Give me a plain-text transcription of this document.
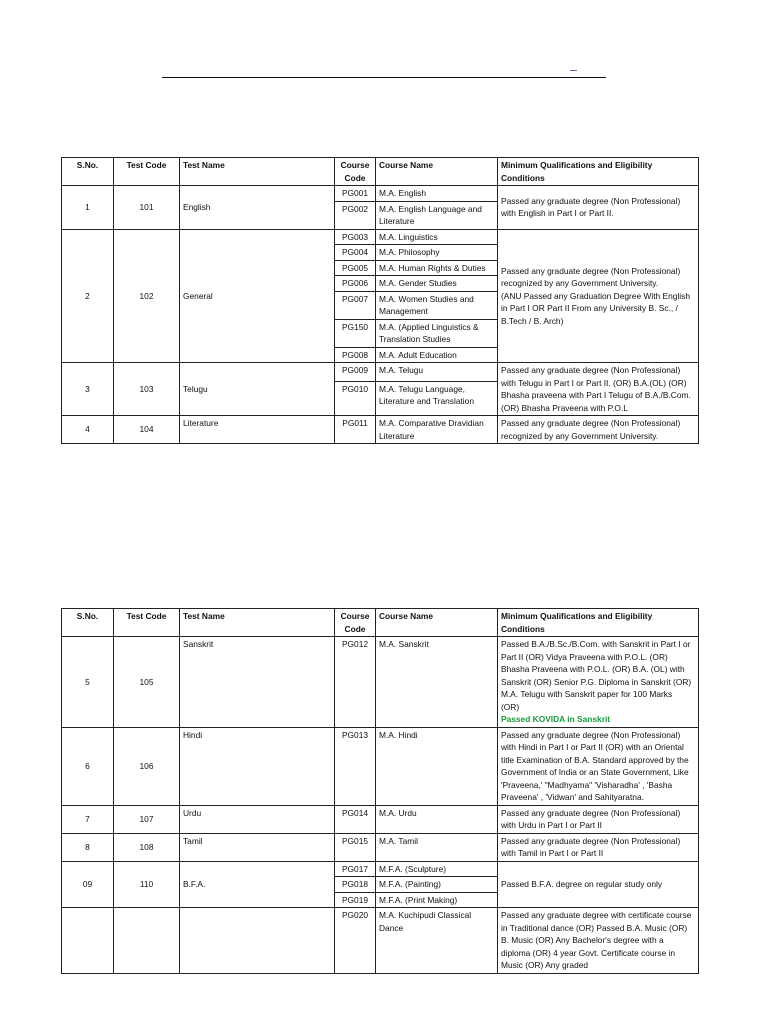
S.No.	Test Code	Test Name	Course Code	Course Name	Minimum Qualifications and Eligibility Conditions
1	101	English	PG001	M.A. English	Passed any graduate degree (Non Professional) with English in Part I or Part II.
			PG002	M.A. English Language and Literature	
2	102	General	PG003	M.A. Linguistics	Passed any graduate degree (Non Professional) recognized by any Government University.
(ANU Passed any Graduation Degree With English in Part I OR Part II From any University B. Sc., / B.Tech / B. Arch)
			PG004	M.A. Philosophy	
			PG005	M.A. Human Rights & Duties	
			PG006	M.A. Gender Studies	
			PG007	M.A. Women Studies and Management	
			PG150	M.A. (Applied Linguistics & Translation Studies	
			PG008	M.A. Adult Education	
3	103	Telugu	PG009	M.A. Telugu	Passed any graduate degree (Non Professional) with Telugu in Part I or Part II. (OR) B.A.(OL) (OR) Bhasha praveena with Part I Telugu of B.A./B.Com. (OR) Bhasha Praveena with P.O.L
			PG010	M.A. Telugu Language, Literature and Translation	
4	104	Literature	PG011	M.A. Comparative Dravidian Literature	Passed any graduate degree (Non Professional) recognized by any Government University.
S.No.	Test Code	Test Name	Course Code	Course Name	Minimum Qualifications and Eligibility Conditions
5	105	Sanskrit	PG012	M.A. Sanskrit	Passed B.A./B.Sc./B.Com. with Sanskrit in Part I or Part II (OR) Vidya Praveena with P.O.L. (OR) Bhasha Praveena with P.O.L. (OR) B.A. (OL) with Sanskrit (OR) Senior P.G. Diploma in Sanskrit (OR) M.A. Telugu with Sanskrit paper for 100 Marks
(OR)
Passed KOVIDA in Sanskrit
6	106	Hindi	PG013	M.A. Hindi	Passed any graduate degree (Non Professional) with Hindi in Part I or Part II (OR) with an Oriental title Examination of B.A. Standard approved by the Government of India or an State Government, Like 'Praveena,' "Madhyama" 'Visharadha' , 'Basha Praveena' , 'Vidwan' and Sahityaratna.
7	107	Urdu	PG014	M.A. Urdu	Passed any graduate degree (Non Professional) with Urdu in Part I or Part II
8	108	Tamil	PG015	M.A. Tamil	Passed any graduate degree (Non Professional) with Tamil in Part I or Part II
09	110	B.F.A.	PG017	M.F.A. (Sculpture)	Passed B.F.A. degree on regular study only
			PG018	M.F.A. (Painting)	
			PG019	M.F.A. (Print Making)	
			PG020	M.A. Kuchipudi Classical Dance	Passed any graduate degree with certificate course in Traditional dance (OR) Passed B.A. Music (OR) B. Music (OR) Any Bachelor's degree with a diploma (OR) 4 year Govt. Certificate course in Music (OR) Any graded
